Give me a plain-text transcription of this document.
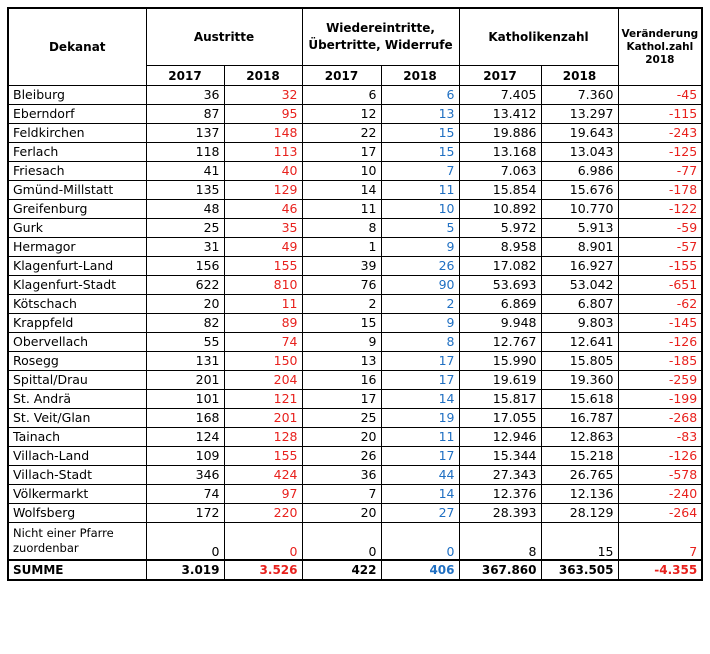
Dekanat	Austritte		Wiedereintritte, Übertritte, Widerrufe		Katholikenzahl		Veränderung Kathol.zahl 2018
	2017	2018	2017	2018	2017	2018	
Bleiburg	36	32	6	6	7.405	7.360	-45
Eberndorf	87	95	12	13	13.412	13.297	-115
Feldkirchen	137	148	22	15	19.886	19.643	-243
Ferlach	118	113	17	15	13.168	13.043	-125
Friesach	41	40	10	7	7.063	6.986	-77
Gmünd-Millstatt	135	129	14	11	15.854	15.676	-178
Greifenburg	48	46	11	10	10.892	10.770	-122
Gurk	25	35	8	5	5.972	5.913	-59
Hermagor	31	49	1	9	8.958	8.901	-57
Klagenfurt-Land	156	155	39	26	17.082	16.927	-155
Klagenfurt-Stadt	622	810	76	90	53.693	53.042	-651
Kötschach	20	11	2	2	6.869	6.807	-62
Krappfeld	82	89	15	9	9.948	9.803	-145
Obervellach	55	74	9	8	12.767	12.641	-126
Rosegg	131	150	13	17	15.990	15.805	-185
Spittal/Drau	201	204	16	17	19.619	19.360	-259
St. Andrä	101	121	17	14	15.817	15.618	-199
St. Veit/Glan	168	201	25	19	17.055	16.787	-268
Tainach	124	128	20	11	12.946	12.863	-83
Villach-Land	109	155	26	17	15.344	15.218	-126
Villach-Stadt	346	424	36	44	27.343	26.765	-578
Völkermarkt	74	97	7	14	12.376	12.136	-240
Wolfsberg	172	220	20	27	28.393	28.129	-264
Nicht einer Pfarre zuordenbar	0	0	0	0	8	15	7
SUMME	3.019	3.526	422	406	367.860	363.505	-4.355
